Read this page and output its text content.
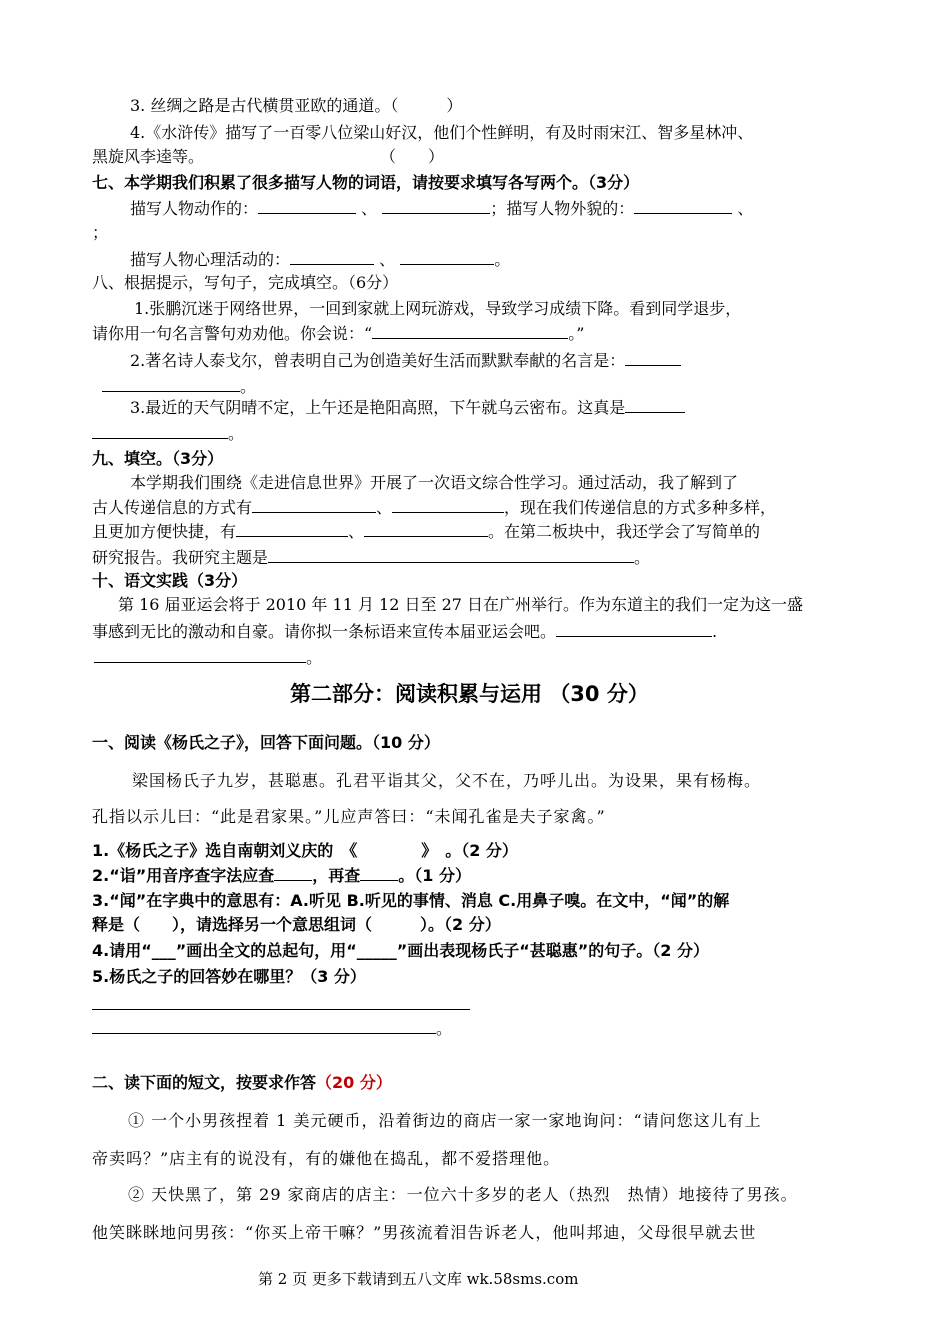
3. 丝绸之路是古代横贯亚欧的通道。（　　　）
4.《水浒传》描写了一百零八位梁山好汉，他们个性鲜明，有及时雨宋江、智多星林冲、
黑旋风李逵等。　　　　　　　　　　　　（　　）
七、本学期我们积累了很多描写人物的词语，请按要求填写各写两个。（3分）
描写人物动作的：	、	；描写人物外貌的：	、
；
描写人物心理活动的：	、	。
八、根据提示，写句子，完成填空。（6分）
1.张鹏沉迷于网络世界，一回到家就上网玩游戏，导致学习成绩下降。看到同学退步，
请你用一句名言警句劝劝他。你会说：“	。”
2.著名诗人泰戈尔，曾表明自己为创造美好生活而默默奉献的名言是：
。
3.最近的天气阴晴不定，上午还是艳阳高照，下午就乌云密布。这真是
。
九、填空。（3分）
本学期我们围绕《走进信息世界》开展了一次语文综合性学习。通过活动，我了解到了
古人传递信息的方式有	、	，现在我们传递信息的方式多种多样，
且更加方便快捷，有	、	。在第二板块中，我还学会了写简单的
研究报告。我研究主题是	。
十、语文实践（3分）
第 16 届亚运会将于 2010 年 11 月 12 日至 27 日在广州举行。作为东道主的我们一定为这一盛
事感到无比的激动和自豪。请你拟一条标语来宣传本届亚运会吧。	.
。
第二部分：阅读积累与运用 （30 分）
一、阅读《杨氏之子》，回答下面问题。（10 分）
梁国杨氏子九岁，甚聪惠。孔君平诣其父，父不在，乃呼儿出。为设果，果有杨梅。
孔指以示儿曰：“此是君家果。”儿应声答曰：“未闻孔雀是夫子家禽。”
1.《杨氏之子》选自南朝刘义庆的　《	》　。（2 分）
2.“诣”用音序查字法应查 ，再查 。（1 分）
3.“闻”在字典中的意思有：A.听见 B.听见的事情、消息 C.用鼻子嗅。在文中，“闻”的解
释是（　　），请选择另一个意思组词（　　　）。（2 分）
4.请用“___”画出全文的总起句，用“_____”画出表现杨氏子“甚聪惠”的句子。（2 分）
5.杨氏之子的回答妙在哪里？（3 分）
。
二、读下面的短文，按要求作答（20 分）
① 一个小男孩捏着 1 美元硬币，沿着街边的商店一家一家地询问：“请问您这儿有上
帝卖吗？”店主有的说没有，有的嫌他在捣乱，都不爱搭理他。
② 天快黑了，第 29 家商店的店主：一位六十多岁的老人（热烈　热情）地接待了男孩。
他笑眯眯地问男孩：“你买上帝干嘛？”男孩流着泪告诉老人，他叫邦迪，父母很早就去世
第 2 页 更多下载请到五八文库 wk.58sms.com
